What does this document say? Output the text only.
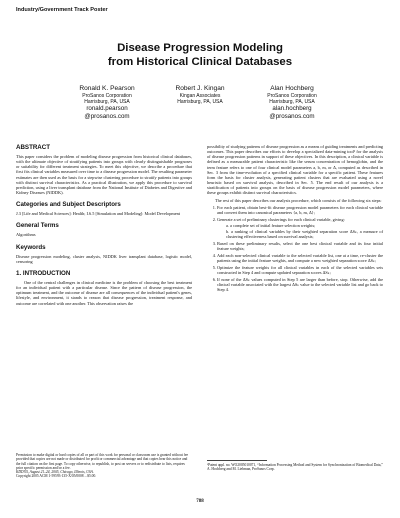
Industry/Government Track Poster
Disease Progression Modeling
from Historical Clinical Databases
Ronald K. Pearson
ProSanos Corporation
Harrisburg, PA, USA
ronald.pearson
@prosanos.com
Robert J. Kingan
Kingan Associates
Harrisburg, PA, USA
Alan Hochberg
ProSanos Corporation
Harrisburg, PA, USA
alan.hochberg
@prosanos.com
ABSTRACT

This paper considers the problem of modeling disease progression from historical clinical databases, with the ultimate objective of stratifying patients into groups with clearly distinguishable prognoses or suitability for different treatment strategies. To meet this objective, we describe a procedure that first fits clinical variables measured over time to a disease progression model. The resulting parameter estimates are then used as the basis for a stepwise clustering procedure to stratify patients into groups with distinct survival characteristics. As a practical illustration, we apply this procedure to survival prediction, using a liver transplant database from the National Institute of Diabetes and Digestive and Kidney Diseases (NIDDK).

Categories and Subject Descriptors

J.3 [Life and Medical Sciences]: Health; I.6.5 [Simulation and Modeling]: Model Development

General Terms

Algorithms

Keywords

Disease progression modeling, cluster analysis, NIDDK liver transplant database, logistic model, censoring

1. INTRODUCTION

One of the central challenges in clinical medicine is the problem of choosing the best treatment for an individual patient with a particular disease. Since the pattern of disease progression, the optimum treatment, and the outcome of disease are all consequences of the individual patient's genes, lifestyle, and environment, it stands to reason that disease progression, treatment response, and outcome are correlated with one another. This observation raises the

Permission to make digital or hard copies of all or part of this work for personal or classroom use is granted without fee provided that copies are not made or distributed for profit or commercial advantage and that copies bear this notice and the full citation on the first page. To copy otherwise, to republish, to post on servers or to redistribute to lists, requires prior specific permission and/or a fee.

KDD'05, August 21–24, 2005, Chicago, Illinois, USA.

Copyright 2005 ACM 1-59593-135-X/05/0008 ...$5.00.

possibility of studying patterns of disease progression as a means of guiding treatments and predicting outcomes. This paper describes our efforts to develop a specialized data-mining tool¹ for the analysis of disease progression patterns in support of these objectives. In this description, a clinical variable is defined as a measurable patient characteristic like the serum concentration of hemoglobin, and the term feature refers to one of four clinical model parameters a, b, m, or Δ, computed as described in Sec. 3 from the time-evolution of a specified clinical variable for a specific patient. These features form the basis for cluster analysis, generating patient clusters that are evaluated using a novel heuristic based on survival analysis, described in Sec. 5. The end result of our analysis is a stratification of patients into groups on the basis of disease progression model parameters, where these groups exhibit distinct survival characteristics.

The rest of this paper describes our analysis procedure, which consists of the following six steps:

1. For each patient, obtain best-fit disease progression model parameters for each clinical variable and convert them into canonical parameters {a, b, m, Δ};
2. Generate a set of preliminary clusterings for each clinical variable, giving:
a. a complete set of initial feature selection weights;
b. a ranking of clinical variables by their weighted separation score ΔSₖ, a measure of clustering effectiveness based on survival analysis;
3. Based on these preliminary results, select the one best clinical variable and its four initial feature weights;
4. Add each non-selected clinical variable to the selected variable list, one at a time, re-cluster the patients using the initial feature weights, and compute a new weighted separation score ΔSₖ;
5. Optimize the feature weights for all clinical variables in each of the selected variables sets constructed in Step 4 and compute updated separation scores ΔSₖ;
6. If none of the ΔSₖ values computed in Step 5 are larger than before, stop. Otherwise, add the clinical variable associated with the largest ΔSₖ value to the selected variable list and go back to Step 4.

¹Patent appl. no. WO2005010071, “Information Processing Method and System for Synchronization of Biomedical Data,” A. Hochberg and M. Liebman, ProSanos Corp.

788
